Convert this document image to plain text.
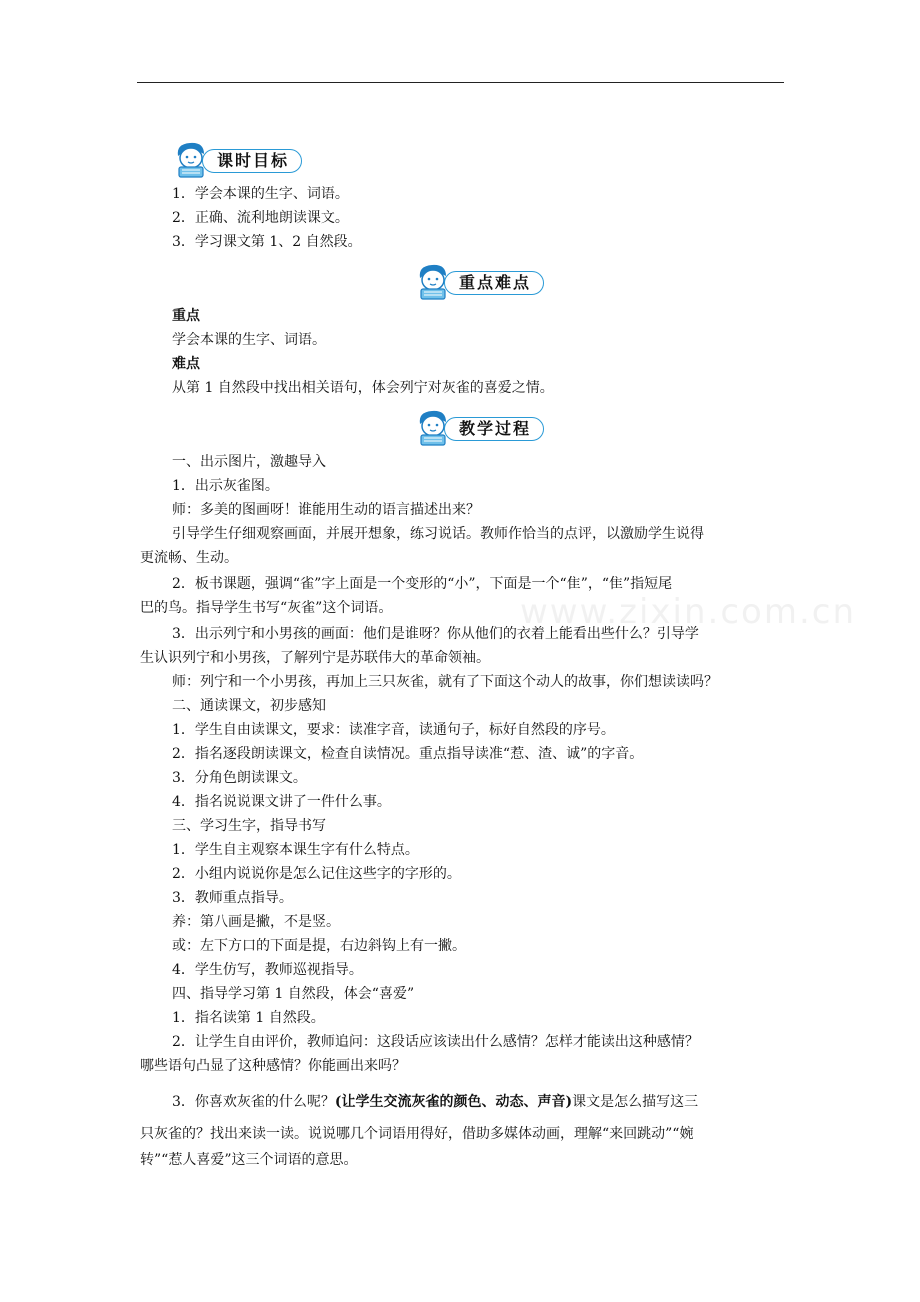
www.zixin.com.cn
课时目标
1．学会本课的生字、词语。
2．正确、流利地朗读课文。
3．学习课文第 1、2 自然段。
重点难点
重点
学会本课的生字、词语。
难点
从第 1 自然段中找出相关语句，体会列宁对灰雀的喜爱之情。
教学过程
一、出示图片，激趣导入
1．出示灰雀图。
师：多美的图画呀！谁能用生动的语言描述出来？
引导学生仔细观察画面，并展开想象，练习说话。教师作恰当的点评，以激励学生说得
更流畅、生动。
2．板书课题，强调“雀”字上面是一个变形的“小”，下面是一个“隹”，“隹”指短尾
巴的鸟。指导学生书写“灰雀”这个词语。
3．出示列宁和小男孩的画面：他们是谁呀？你从他们的衣着上能看出些什么？引导学
生认识列宁和小男孩，了解列宁是苏联伟大的革命领袖。
师：列宁和一个小男孩，再加上三只灰雀，就有了下面这个动人的故事，你们想读读吗？
二、通读课文，初步感知
1．学生自由读课文，要求：读准字音，读通句子，标好自然段的序号。
2．指名逐段朗读课文，检查自读情况。重点指导读准“惹、渣、诚”的字音。
3．分角色朗读课文。
4．指名说说课文讲了一件什么事。
三、学习生字，指导书写
1．学生自主观察本课生字有什么特点。
2．小组内说说你是怎么记住这些字的字形的。
3．教师重点指导。
养：第八画是撇，不是竖。
或：左下方口的下面是提，右边斜钩上有一撇。
4．学生仿写，教师巡视指导。
四、指导学习第 1 自然段，体会“喜爱”
1．指名读第 1 自然段。
2．让学生自由评价，教师追问：这段话应该读出什么感情？怎样才能读出这种感情？
哪些语句凸显了这种感情？你能画出来吗？
3．你喜欢灰雀的什么呢？(让学生交流灰雀的颜色、动态、声音)课文是怎么描写这三
只灰雀的？找出来读一读。说说哪几个词语用得好，借助多媒体动画，理解“来回跳动”“婉
转”“惹人喜爱”这三个词语的意思。
